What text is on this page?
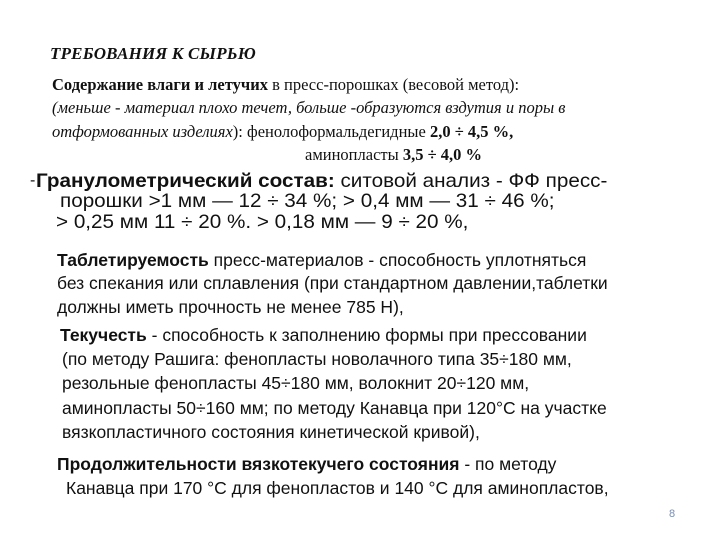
ТРЕБОВАНИЯ К СЫРЬЮ
Содержание влаги и летучих в пресс-порошках (весовой метод):
(меньше - материал плохо течет, больше -образуются вздутия и поры в
отформованных изделиях): фенолоформальдегидные 2,0 ÷ 4,5 %,
аминопласты 3,5 ÷ 4,0 %
- Гранулометрический состав: ситовой анализ - ФФ пресс-
порошки >1 мм — 12 ÷ 34 %; > 0,4 мм — 31 ÷ 46 %;
> 0,25 мм 11 ÷ 20 %. > 0,18 мм — 9 ÷ 20 %,
Таблетируемость пресс-материалов - способность уплотняться
без спекания или сплавления (при стандартном давлении,таблетки
должны иметь прочность не менее 785 Н),
Текучесть - способность к заполнению формы при прессовании
(по методу Рашига: фенопласты новолачного типа 35÷180 мм,
резольные фенопласты 45÷180 мм, волокнит 20÷120 мм,
аминопласты 50÷160 мм; по методу Канавца при 120°С на участке
вязкопластичного состояния кинетической кривой),
Продолжительности вязкотекучего состояния - по методу
Канавца при 170 °С для фенопластов и 140 °С для аминопластов,
8
